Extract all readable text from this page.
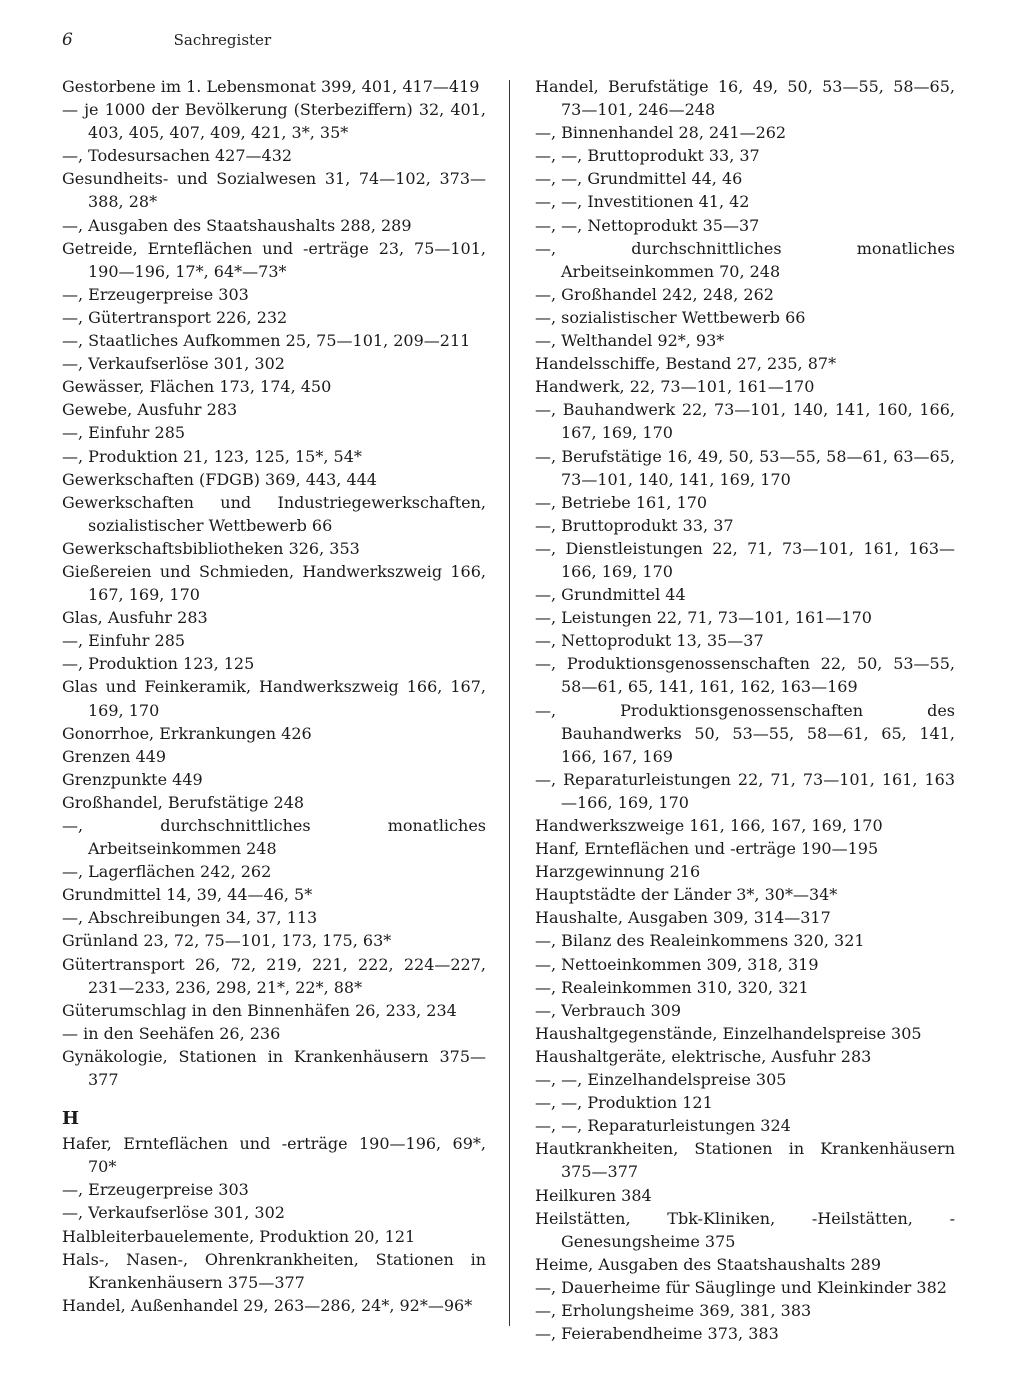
6	Sachregister

Gestorbene im 1. Lebensmonat 399, 401, 417—419

— je 1000 der Bevölkerung (Sterbeziffern) 32, 401, 403, 405, 407, 409, 421, 3*, 35*

—, Todesursachen 427—432

Gesundheits- und Sozialwesen 31, 74—102, 373—388, 28*

—, Ausgaben des Staatshaushalts 288, 289

Getreide, Ernteflächen und -erträge 23, 75—101, 190—196, 17*, 64*—73*

—, Erzeugerpreise 303

—, Gütertransport 226, 232

—, Staatliches Aufkommen 25, 75—101, 209—211

—, Verkaufserlöse 301, 302

Gewässer, Flächen 173, 174, 450

Gewebe, Ausfuhr 283

—, Einfuhr 285

—, Produktion 21, 123, 125, 15*, 54*

Gewerkschaften (FDGB) 369, 443, 444

Gewerkschaften und Industriegewerkschaften, sozialistischer Wettbewerb 66

Gewerkschaftsbibliotheken 326, 353

Gießereien und Schmieden, Handwerkszweig 166, 167, 169, 170

Glas, Ausfuhr 283

—, Einfuhr 285

—, Produktion 123, 125

Glas und Feinkeramik, Handwerkszweig 166, 167, 169, 170

Gonorrhoe, Erkrankungen 426

Grenzen 449

Grenzpunkte 449

Großhandel, Berufstätige 248

—, durchschnittliches monatliches Arbeitseinkommen 248

—, Lagerflächen 242, 262

Grundmittel 14, 39, 44—46, 5*

—, Abschreibungen 34, 37, 113

Grünland 23, 72, 75—101, 173, 175, 63*

Gütertransport 26, 72, 219, 221, 222, 224—227, 231—233, 236, 298, 21*, 22*, 88*

Güterumschlag in den Binnenhäfen 26, 233, 234

— in den Seehäfen 26, 236

Gynäkologie, Stationen in Krankenhäusern 375—377

H

Hafer, Ernteflächen und -erträge 190—196, 69*, 70*

—, Erzeugerpreise 303

—, Verkaufserlöse 301, 302

Halbleiterbauelemente, Produktion 20, 121

Hals-, Nasen-, Ohrenkrankheiten, Stationen in Krankenhäusern 375—377

Handel, Außenhandel 29, 263—286, 24*, 92*—96*

Handel, Berufstätige 16, 49, 50, 53—55, 58—65, 73—101, 246—248

—, Binnenhandel 28, 241—262

—, —, Bruttoprodukt 33, 37

—, —, Grundmittel 44, 46

—, —, Investitionen 41, 42

—, —, Nettoprodukt 35—37

—, durchschnittliches monatliches Arbeitseinkommen 70, 248

—, Großhandel 242, 248, 262

—, sozialistischer Wettbewerb 66

—, Welthandel 92*, 93*

Handelsschiffe, Bestand 27, 235, 87*

Handwerk, 22, 73—101, 161—170

—, Bauhandwerk 22, 73—101, 140, 141, 160, 166, 167, 169, 170

—, Berufstätige 16, 49, 50, 53—55, 58—61, 63—65, 73—101, 140, 141, 169, 170

—, Betriebe 161, 170

—, Bruttoprodukt 33, 37

—, Dienstleistungen 22, 71, 73—101, 161, 163—166, 169, 170

—, Grundmittel 44

—, Leistungen 22, 71, 73—101, 161—170

—, Nettoprodukt 13, 35—37

—, Produktionsgenossenschaften 22, 50, 53—55, 58—61, 65, 141, 161, 162, 163—169

—, Produktionsgenossenschaften des Bauhandwerks 50, 53—55, 58—61, 65, 141, 166, 167, 169

—, Reparaturleistungen 22, 71, 73—101, 161, 163—166, 169, 170

Handwerkszweige 161, 166, 167, 169, 170

Hanf, Ernteflächen und -erträge 190—195

Harzgewinnung 216

Hauptstädte der Länder 3*, 30*—34*

Haushalte, Ausgaben 309, 314—317

—, Bilanz des Realeinkommens 320, 321

—, Nettoeinkommen 309, 318, 319

—, Realeinkommen 310, 320, 321

—, Verbrauch 309

Haushaltgegenstände, Einzelhandelspreise 305

Haushaltgeräte, elektrische, Ausfuhr 283

—, —, Einzelhandelspreise 305

—, —, Produktion 121

—, —, Reparaturleistungen 324

Hautkrankheiten, Stationen in Krankenhäusern 375—377

Heilkuren 384

Heilstätten, Tbk-Kliniken, -Heilstätten, -Genesungsheime 375

Heime, Ausgaben des Staatshaushalts 289

—, Dauerheime für Säuglinge und Kleinkinder 382

—, Erholungsheime 369, 381, 383

—, Feierabendheime 373, 383
